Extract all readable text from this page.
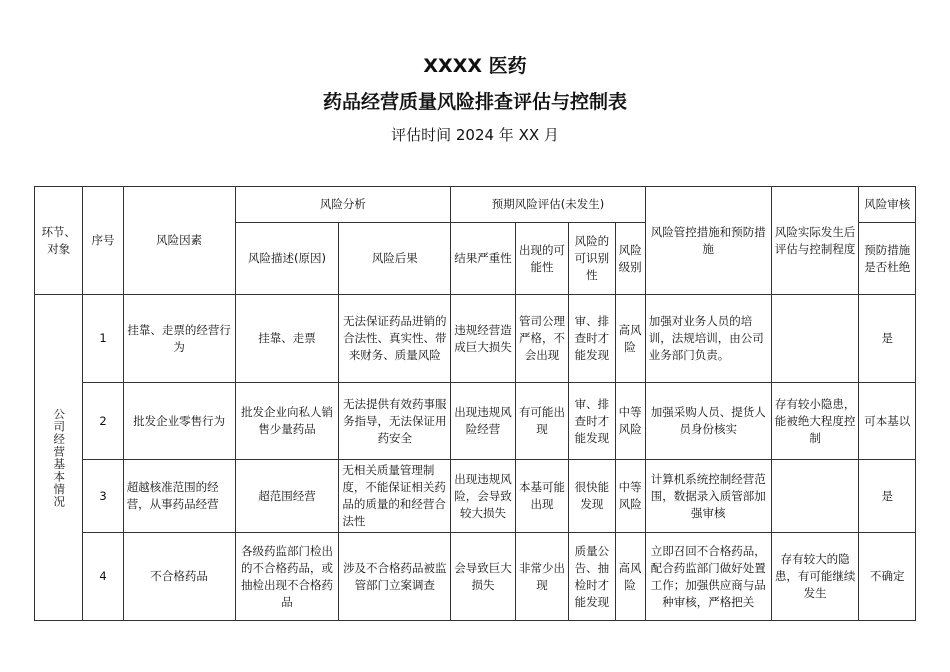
XXXX 医药
药品经营质量风险排查评估与控制表
评估时间 2024 年 XX 月
环节、对象	序号	风险因素	风险分析		预期风险评估(未发生)				风险管控措施和预防措施	风险实际发生后评估与控制程度	风险审核
			风险描述(原因)	风险后果	结果严重性	出现的可能性	风险的可识别性	风险级别			预防措施是否杜绝

公司经营基本情况	1	挂靠、走票的经营行为	挂靠、走票	无法保证药品进销的合法性、真实性、带来财务、质量风险	违规经营造成巨大损失	管司公理严格，不会出现	审、排查时才能发现	高风险	加强对业务人员的培训，法规培训，由公司业务部门负责。		是
	2	批发企业零售行为	批发企业向私人销售少量药品	无法提供有效药事服务指导，无法保证用药安全	出现违规风险经营	有可能出现	审、排查时才能发现	中等风险	加强采购人员、提货人员身份核实	存有较小隐患，能被绝大程度控制	可本基以
	3	超越核准范围的经营，从事药品经营	超范围经营	无相关质量管理制度，不能保证相关药品的质量的和经营合法性	出现违规风险，会导致较大损失	本基可能出现	很快能发现	中等风险	计算机系统控制经营范围，数据录入质管部加强审核		是
	4	不合格药品	各级药监部门检出的不合格药品，或抽检出现不合格药品	涉及不合格药品被监管部门立案调查	会导致巨大损失	非常少出现	质量公告、抽检时才能发现	高风险	立即召回不合格药品，配合药监部门做好处置工作；加强供应商与品种审核，严格把关	存有较大的隐患，有可能继续发生	不确定
